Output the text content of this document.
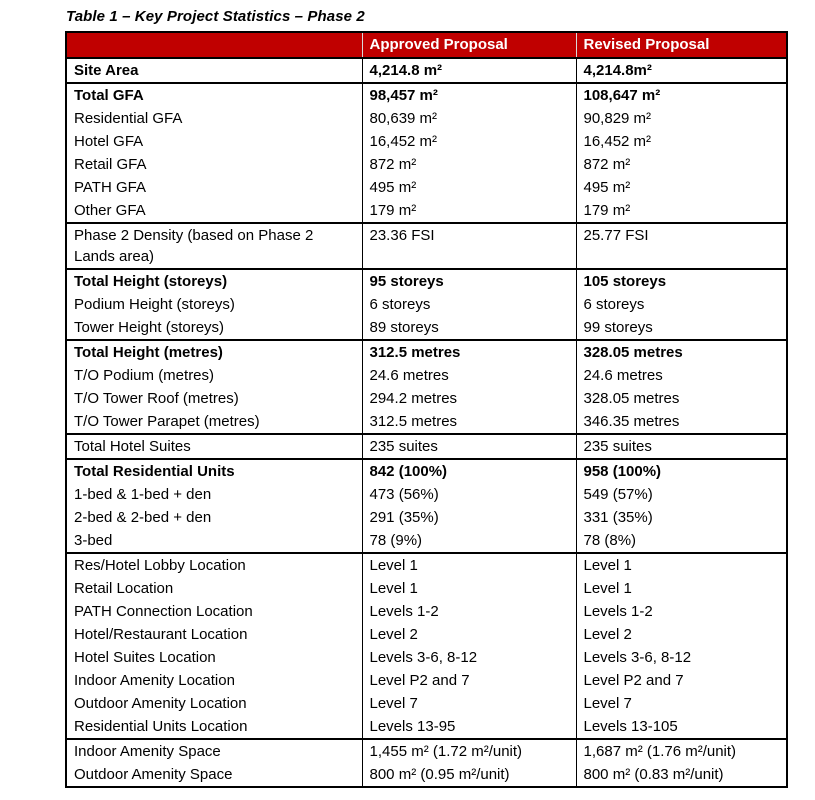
Table 1 – Key Project Statistics – Phase 2
	Approved Proposal	Revised Proposal
Site Area	4,214.8 m²	4,214.8m²
Total GFA	98,457 m²	108,647 m²
Residential GFA	80,639 m²	90,829 m²
Hotel GFA	16,452 m²	16,452 m²
Retail GFA	872 m²	872 m²
PATH GFA	495 m²	495 m²
Other GFA	179 m²	179 m²
Phase 2 Density (based on Phase 2 Lands area)	23.36 FSI	25.77 FSI
Total Height (storeys)	95 storeys	105 storeys
Podium Height (storeys)	6 storeys	6 storeys
Tower Height (storeys)	89 storeys	99 storeys
Total Height (metres)	312.5 metres	328.05 metres
T/O Podium (metres)	24.6 metres	24.6 metres
T/O Tower Roof (metres)	294.2 metres	328.05 metres
T/O Tower Parapet (metres)	312.5 metres	346.35 metres
Total Hotel Suites	235 suites	235 suites
Total Residential Units	842 (100%)	958 (100%)
1-bed & 1-bed + den	473 (56%)	549 (57%)
2-bed & 2-bed + den	291 (35%)	331 (35%)
3-bed	78 (9%)	78 (8%)
Res/Hotel Lobby Location	Level 1	Level 1
Retail Location	Level 1	Level 1
PATH Connection Location	Levels 1-2	Levels 1-2
Hotel/Restaurant Location	Level 2	Level 2
Hotel Suites Location	Levels 3-6, 8-12	Levels 3-6, 8-12
Indoor Amenity Location	Level P2 and 7	Level P2 and 7
Outdoor Amenity Location	Level 7	Level 7
Residential Units Location	Levels 13-95	Levels 13-105
Indoor Amenity Space	1,455 m² (1.72 m²/unit)	1,687 m² (1.76 m²/unit)
Outdoor Amenity Space	800 m² (0.95 m²/unit)	800 m² (0.83 m²/unit)
